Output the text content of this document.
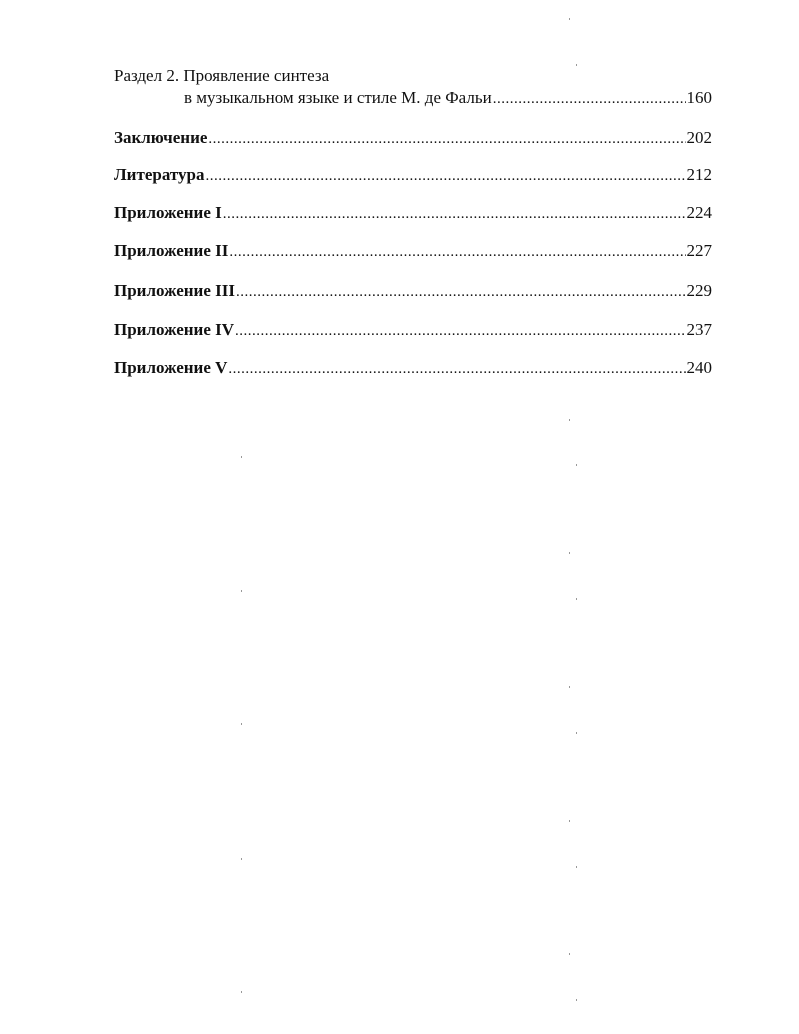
Раздел 2. Проявление синтеза
в музыкальном языке и стиле М. де Фальи .....	160
Заключение .....	202
Литература .....	212
Приложение I .....	224
Приложение II .....	227
Приложение III .....	229
Приложение IV .....	237
Приложение V .....	240
